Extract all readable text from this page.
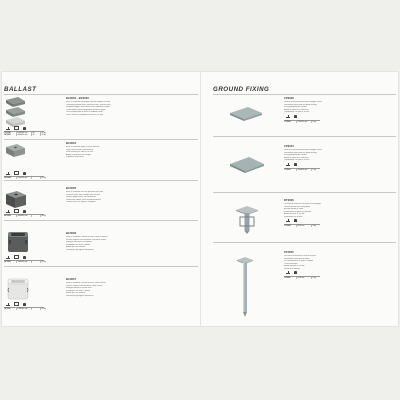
BALLAST
BC3000	500x500 mm	40	45 kg
BC3001	500x500 mm	40	50 kg
BC3000 - BC3003
Base in cemento e graniglia, finitura levigata a lucido
Cemented granite base, polished finish, various sizes
Standard weight, varie dimensioni, altamente stabile
Colore bianco perla, disponibile anche in grigio
Peso complessivo in base al modello scelto
Tubi e attacchi compatibili con pali Ø 38 mm
BC3004	500x500 mm	60 kg
BC3004
Base in cemento grigio, finitura naturale
Grey cement base, natural finish
Foro centrale per tubo Ø 38 mm
Adatta a ombrelloni e insegne
Superficie antiscivolo
BC3005	400x400 mm	40 kg
BC3005
Base in cemento con foro passante per palo
Concrete base with through hole for pole
Finitura grigio scuro, alta resistenza
Dimensioni ridotte, facile movimentazione
Stabile anche su superfici irregolari
BC3006	500x500 mm	55 kg
BC3006
Base in cemento a forma di vaso, colore antracite
Planter shaped concrete base, anthracite colour
Maniglie laterali per il trasporto
Riempibile con terra o piante
Adatta per uso esterno
Resistente agli agenti atmosferici
BC3007	500x500 mm	55 kg
BC3007
Base in cemento a forma di vaso, colore bianco
Planter shaped concrete base, white colour
Maniglie laterali in acciaio inox
Riempibile con terra o piante
Adatta per uso esterno
Resistente agli agenti atmosferici
GROUND FIXING
CP3000
Piastra in acciaio zincato per fissaggio a terra
Galvanised steel plate for ground fixing
Fori predisposti per tasselli
Adatta a superfici in cemento
Compatibile con pali Ø 38 mm
CP3000	250x250 mm	5 kg
CP3001
Piastra in acciaio zincato per fissaggio a terra
Galvanised steel plate for ground fixing
Fori predisposti per tasselli
Adatta a superfici in cemento
Compatibile con pali Ø 48 mm
CP3001	300x300 mm	7 kg
RT3000
Tassello da interrare con piastra di fissaggio
Ground anchor with fixing plate
Acciaio zincato a caldo
Installazione in getto di cemento
Adatto per pali Ø 38 mm
Rimovibile con chiave
RT3000	Ø 38 mm	3 kg
ST3000
Picchetto da terreno in acciaio zincato
Galvanised steel ground stake
Per installazione su prato o sabbia
Punta rinforzata
Adatto per pali Ø 38 mm
Facile da installare
ST3000	Ø 38 mm	2 kg
